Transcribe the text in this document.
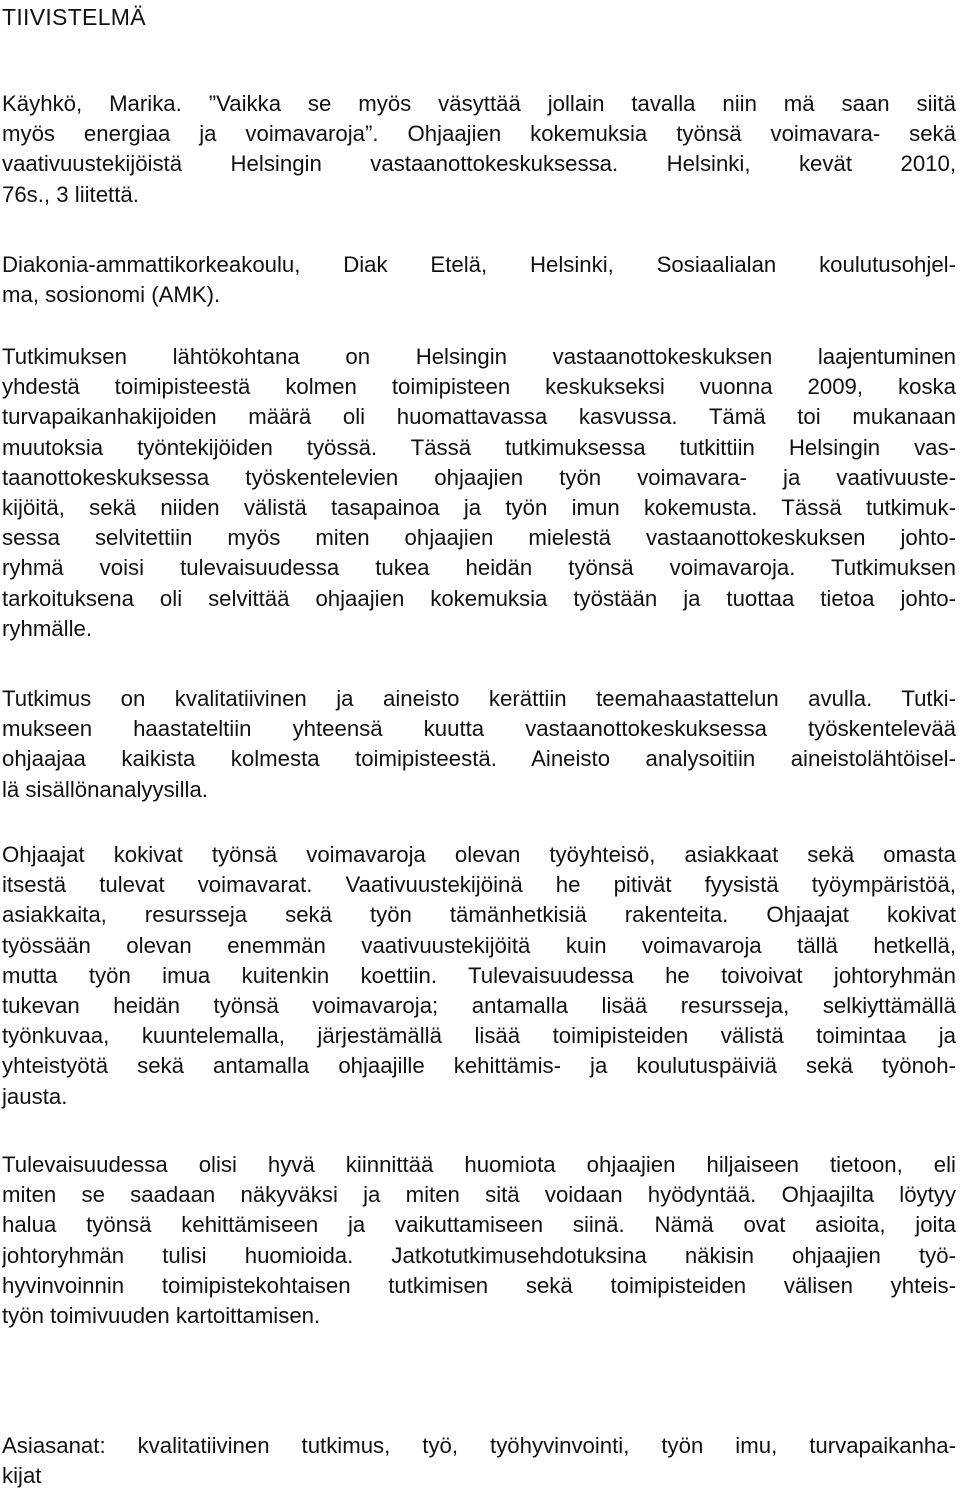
TIIVISTELMÄ
Käyhkö, Marika. ”Vaikka se myös väsyttää jollain tavalla niin mä saan siitä
myös energiaa ja voimavaroja”. Ohjaajien kokemuksia työnsä voimavara- sekä
vaativuustekijöistä Helsingin vastaanottokeskuksessa. Helsinki, kevät 2010,
76s., 3 liitettä.
Diakonia-ammattikorkeakoulu, Diak Etelä, Helsinki, Sosiaalialan koulutusohjel-
ma, sosionomi (AMK).
Tutkimuksen lähtökohtana on Helsingin vastaanottokeskuksen laajentuminen
yhdestä toimipisteestä kolmen toimipisteen keskukseksi vuonna 2009, koska
turvapaikanhakijoiden määrä oli huomattavassa kasvussa. Tämä toi mukanaan
muutoksia työntekijöiden työssä. Tässä tutkimuksessa tutkittiin Helsingin vas-
taanottokeskuksessa työskentelevien ohjaajien työn voimavara- ja vaativuuste-
kijöitä, sekä niiden välistä tasapainoa ja työn imun kokemusta. Tässä tutkimuk-
sessa selvitettiin myös miten ohjaajien mielestä vastaanottokeskuksen johto-
ryhmä voisi tulevaisuudessa tukea heidän työnsä voimavaroja. Tutkimuksen
tarkoituksena oli selvittää ohjaajien kokemuksia työstään ja tuottaa tietoa johto-
ryhmälle.
Tutkimus on kvalitatiivinen ja aineisto kerättiin teemahaastattelun avulla. Tutki-
mukseen haastateltiin yhteensä kuutta vastaanottokeskuksessa työskentelevää
ohjaajaa kaikista kolmesta toimipisteestä. Aineisto analysoitiin aineistolähtöisel-
lä sisällönanalyysilla.
Ohjaajat kokivat työnsä voimavaroja olevan työyhteisö, asiakkaat sekä omasta
itsestä tulevat voimavarat. Vaativuustekijöinä he pitivät fyysistä työympäristöä,
asiakkaita, resursseja sekä työn tämänhetkisiä rakenteita. Ohjaajat kokivat
työssään olevan enemmän vaativuustekijöitä kuin voimavaroja tällä hetkellä,
mutta työn imua kuitenkin koettiin. Tulevaisuudessa he toivoivat johtoryhmän
tukevan heidän työnsä voimavaroja; antamalla lisää resursseja, selkiyttämällä
työnkuvaa, kuuntelemalla, järjestämällä lisää toimipisteiden välistä toimintaa ja
yhteistyötä sekä antamalla ohjaajille kehittämis- ja koulutuspäiviä sekä työnoh-
jausta.
Tulevaisuudessa olisi hyvä kiinnittää huomiota ohjaajien hiljaiseen tietoon, eli
miten se saadaan näkyväksi ja miten sitä voidaan hyödyntää. Ohjaajilta löytyy
halua työnsä kehittämiseen ja vaikuttamiseen siinä. Nämä ovat asioita, joita
johtoryhmän tulisi huomioida. Jatkotutkimusehdotuksina näkisin ohjaajien työ-
hyvinvoinnin toimipistekohtaisen tutkimisen sekä toimipisteiden välisen yhteis-
työn toimivuuden kartoittamisen.
Asiasanat: kvalitatiivinen tutkimus, työ, työhyvinvointi, työn imu, turvapaikanha-
kijat
